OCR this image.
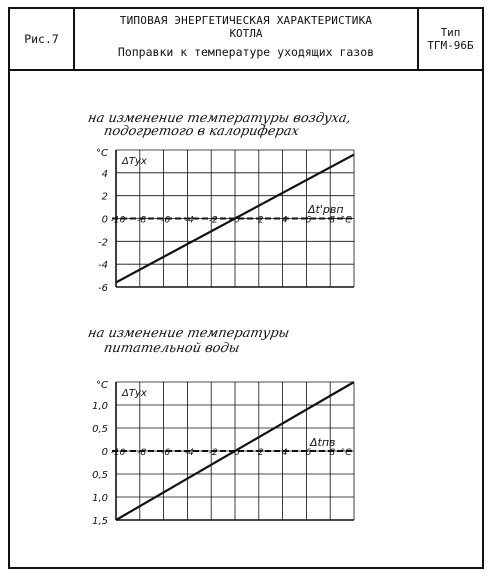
Рис.7
ТИПОВАЯ ЭНЕРГЕТИЧЕСКАЯ ХАРАКТЕРИСТИКА
КОТЛА
Поправки к температуре уходящих газов
Тип
ТГМ-96Б
на изменение температуры воздуха,
подогретого в калориферах
на изменение температуры
питательной воды
-10 -8 -6 -4 -2 0 2 4 6 8 °C
4
2
0
-2
-4
-6
°C
ΔTух
Δt'рвп
-10 -8 -6 -4 -2 0 2 4 6 8 °C
1,0
0,5
0
0,5
1,0
1,5
°C
ΔTух
Δtпв
